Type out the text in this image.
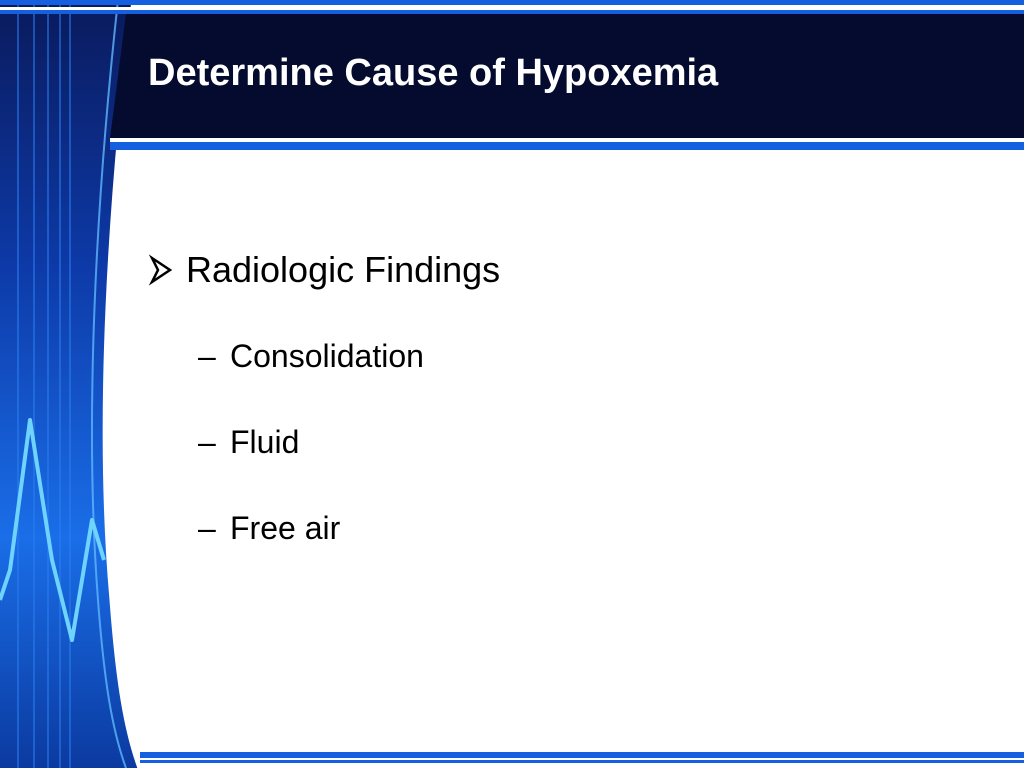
Determine Cause of Hypoxemia
Radiologic Findings
– Consolidation
– Fluid
– Free air
